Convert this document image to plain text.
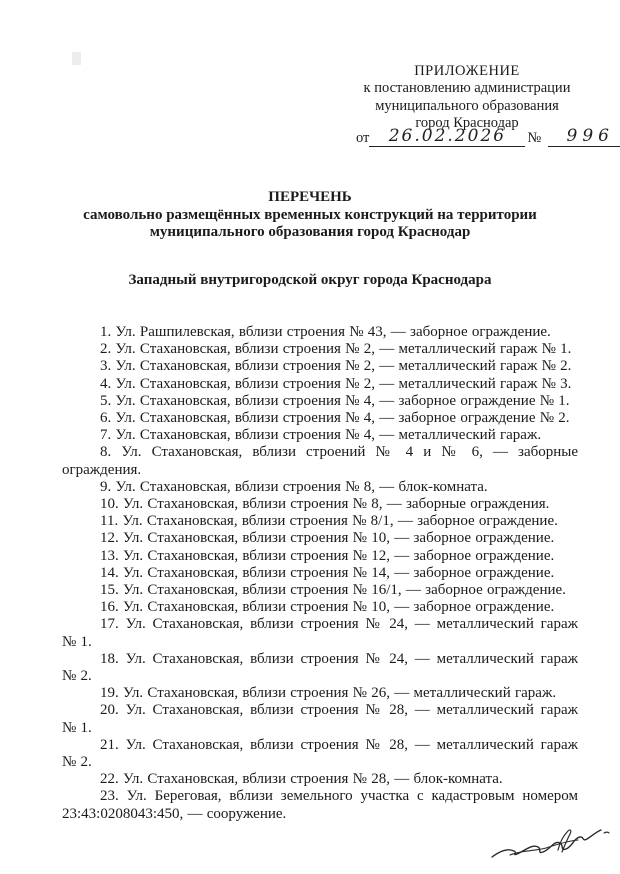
ПРИЛОЖЕНИЕ
к постановлению администрации
муниципального образования
город Краснодар
от	26.02.2026	№	996
ПЕРЕЧЕНЬ
самовольно размещённых временных конструкций на территории
муниципального образования город Краснодар
Западный внутригородской округ города Краснодара

1. Ул. Рашпилевская, вблизи строения № 43, — заборное ограждение.

2. Ул. Стахановская, вблизи строения № 2, — металлический гараж № 1.

3. Ул. Стахановская, вблизи строения № 2, — металлический гараж № 2.

4. Ул. Стахановская, вблизи строения № 2, — металлический гараж № 3.

5. Ул. Стахановская, вблизи строения № 4, — заборное ограждение № 1.

6. Ул. Стахановская, вблизи строения № 4, — заборное ограждение № 2.

7. Ул. Стахановская, вблизи строения № 4, — металлический гараж.

8. Ул. Стахановская, вблизи строений № 4 и № 6, — заборные ограждения.

9. Ул. Стахановская, вблизи строения № 8, — блок-комната.

10. Ул. Стахановская, вблизи строения № 8, — заборные ограждения.

11. Ул. Стахановская, вблизи строения № 8/1, — заборное ограждение.

12. Ул. Стахановская, вблизи строения № 10, — заборное ограждение.

13. Ул. Стахановская, вблизи строения № 12, — заборное ограждение.

14. Ул. Стахановская, вблизи строения № 14, — заборное ограждение.

15. Ул. Стахановская, вблизи строения № 16/1, — заборное ограждение.

16. Ул. Стахановская, вблизи строения № 10, — заборное ограждение.

17. Ул. Стахановская, вблизи строения № 24, — металлический гараж № 1.

18. Ул. Стахановская, вблизи строения № 24, — металлический гараж № 2.

19. Ул. Стахановская, вблизи строения № 26, — металлический гараж.

20. Ул. Стахановская, вблизи строения № 28, — металлический гараж № 1.

21. Ул. Стахановская, вблизи строения № 28, — металлический гараж № 2.

22. Ул. Стахановская, вблизи строения № 28, — блок-комната.

23. Ул. Береговая, вблизи земельного участка с кадастровым номером 23:43:0208043:450, — сооружение.
